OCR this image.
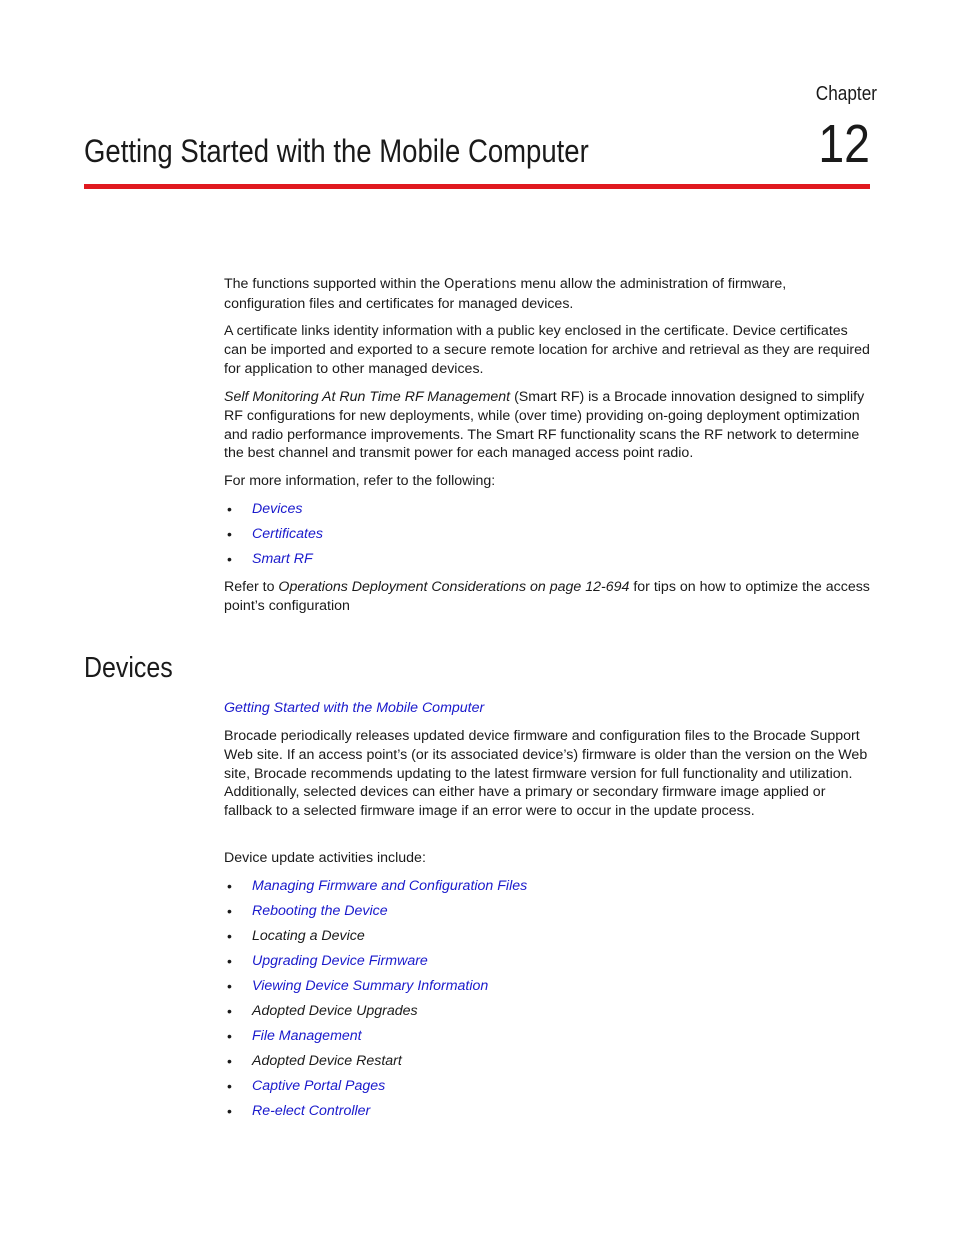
Chapter
12
Getting Started with the Mobile Computer

The functions supported within the Operations menu allow the administration of firmware, configuration files and certificates for managed devices.

A certificate links identity information with a public key enclosed in the certificate. Device certificates can be imported and exported to a secure remote location for archive and retrieval as they are required for application to other managed devices.

Self Monitoring At Run Time RF Management (Smart RF) is a Brocade innovation designed to simplify RF configurations for new deployments, while (over time) providing on-going deployment optimization and radio performance improvements. The Smart RF functionality scans the RF network to determine the best channel and transmit power for each managed access point radio.

For more information, refer to the following:

• Devices
• Certificates
• Smart RF

Refer to Operations Deployment Considerations on page 12-694 for tips on how to optimize the access point’s configuration

Devices
Getting Started with the Mobile Computer

Brocade periodically releases updated device firmware and configuration files to the Brocade Support Web site. If an access point’s (or its associated device’s) firmware is older than the version on the Web site, Brocade recommends updating to the latest firmware version for full functionality and utilization. Additionally, selected devices can either have a primary or secondary firmware image applied or fallback to a selected firmware image if an error were to occur in the update process.

Device update activities include:

• Managing Firmware and Configuration Files
• Rebooting the Device
• Locating a Device
• Upgrading Device Firmware
• Viewing Device Summary Information
• Adopted Device Upgrades
• File Management
• Adopted Device Restart
• Captive Portal Pages
• Re-elect Controller
